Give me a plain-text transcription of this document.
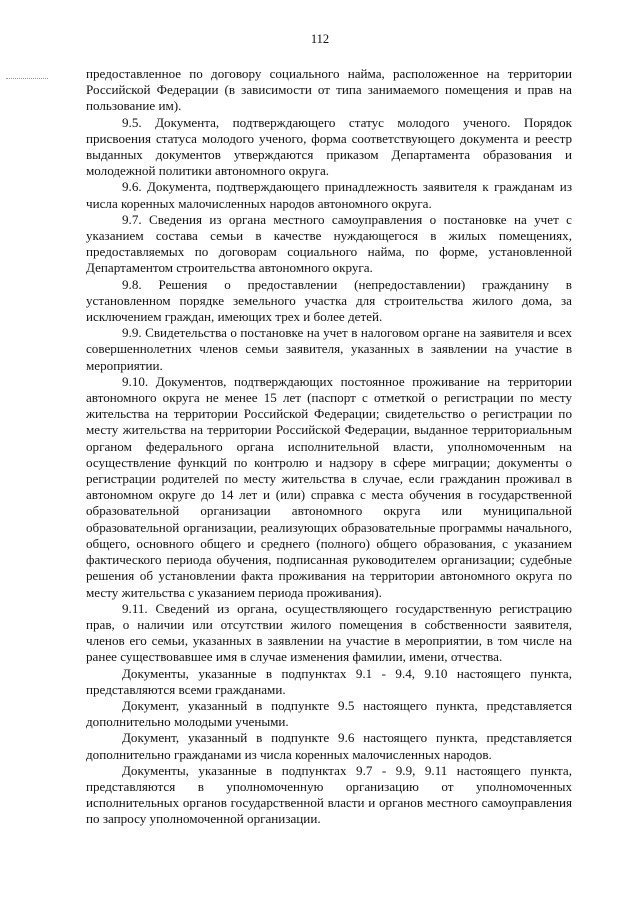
112

предоставленное по договору социального найма, расположенное на территории Российской Федерации (в зависимости от типа занимаемого помещения и прав на пользование им).

9.5. Документа, подтверждающего статус молодого ученого. Порядок присвоения статуса молодого ученого, форма соответствующего документа и реестр выданных документов утверждаются приказом Департамента образования и молодежной политики автономного округа.

9.6. Документа, подтверждающего принадлежность заявителя к гражданам из числа коренных малочисленных народов автономного округа.

9.7. Сведения из органа местного самоуправления о постановке на учет с указанием состава семьи в качестве нуждающегося в жилых помещениях, предоставляемых по договорам социального найма, по форме, установленной Департаментом строительства автономного округа.

9.8. Решения о предоставлении (непредоставлении) гражданину в установленном порядке земельного участка для строительства жилого дома, за исключением граждан, имеющих трех и более детей.

9.9. Свидетельства о постановке на учет в налоговом органе на заявителя и всех совершеннолетних членов семьи заявителя, указанных в заявлении на участие в мероприятии.

9.10. Документов, подтверждающих постоянное проживание на территории автономного округа не менее 15 лет (паспорт с отметкой о регистрации по месту жительства на территории Российской Федерации; свидетельство о регистрации по месту жительства на территории Российской Федерации, выданное территориальным органом федерального органа исполнительной власти, уполномоченным на осуществление функций по контролю и надзору в сфере миграции; документы о регистрации родителей по месту жительства в случае, если гражданин проживал в автономном округе до 14 лет и (или) справка с места обучения в государственной образовательной организации автономного округа или муниципальной образовательной организации, реализующих образовательные программы начального, общего, основного общего и среднего (полного) общего образования, с указанием фактического периода обучения, подписанная руководителем организации; судебные решения об установлении факта проживания на территории автономного округа по месту жительства с указанием периода проживания).

9.11. Сведений из органа, осуществляющего государственную регистрацию прав, о наличии или отсутствии жилого помещения в собственности заявителя, членов его семьи, указанных в заявлении на участие в мероприятии, в том числе на ранее существовавшее имя в случае изменения фамилии, имени, отчества.

Документы, указанные в подпунктах 9.1 - 9.4, 9.10 настоящего пункта, представляются всеми гражданами.

Документ, указанный в подпункте 9.5 настоящего пункта, представляется дополнительно молодыми учеными.

Документ, указанный в подпункте 9.6 настоящего пункта, представляется дополнительно гражданами из числа коренных малочисленных народов.

Документы, указанные в подпунктах 9.7 - 9.9, 9.11 настоящего пункта, представляются в уполномоченную организацию от уполномоченных исполнительных органов государственной власти и органов местного самоуправления по запросу уполномоченной организации.
